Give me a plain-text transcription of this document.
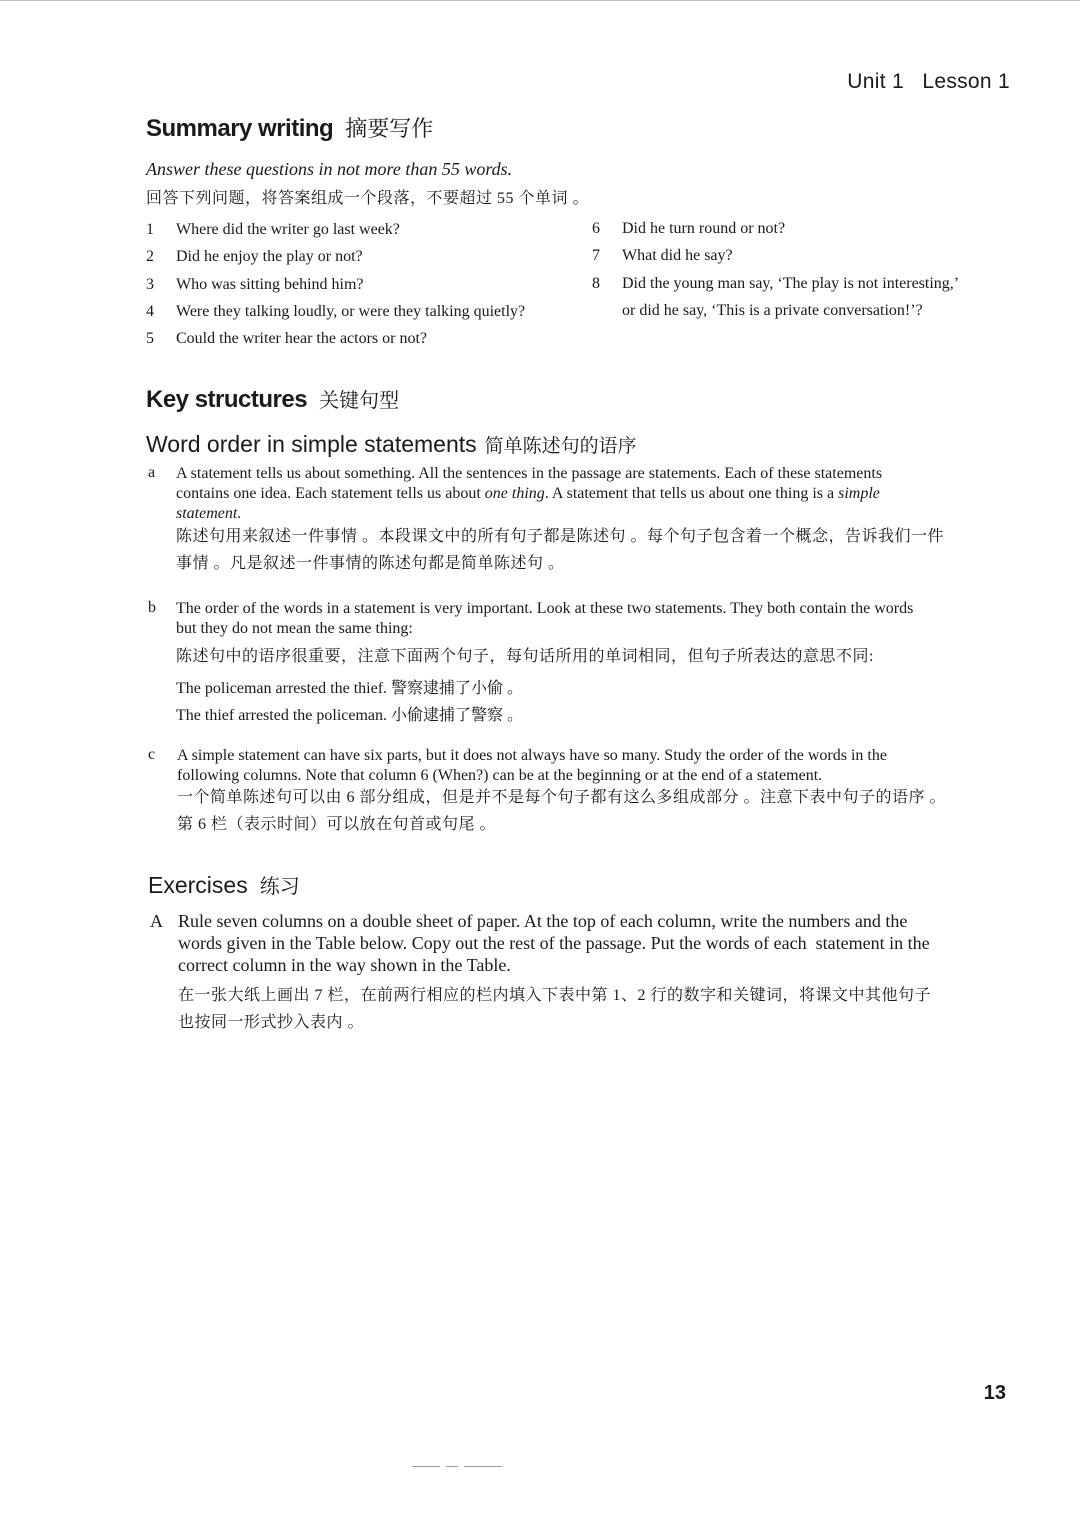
Unit 1   Lesson 1
Summary writing 摘要写作
Answer these questions in not more than 55 words.
回答下列问题，将答案组成一个段落，不要超过 55 个单词 。
1 Where did the writer go last week?
2 Did he enjoy the play or not?
3 Who was sitting behind him?
4 Were they talking loudly, or were they talking quietly?
5 Could the writer hear the actors or not?
6 Did he turn round or not?
7 What did he say?
8 Did the young man say, ‘The play is not interesting,’
or did he say, ‘This is a private conversation!’?
Key structures 关键句型
Word order in simple statements 简单陈述句的语序
a A statement tells us about something. All the sentences in the passage are statements. Each of these statements
contains one idea. Each statement tells us about one thing. A statement that tells us about one thing is a simple
statement.
陈述句用来叙述一件事情 。本段课文中的所有句子都是陈述句 。每个句子包含着一个概念，告诉我们一件
事情 。凡是叙述一件事情的陈述句都是简单陈述句 。
b The order of the words in a statement is very important. Look at these two statements. They both contain the words
but they do not mean the same thing:
陈述句中的语序很重要，注意下面两个句子，每句话所用的单词相同，但句子所表达的意思不同:
The policeman arrested the thief. 警察逮捕了小偷 。
The thief arrested the policeman. 小偷逮捕了警察 。
c A simple statement can have six parts, but it does not always have so many. Study the order of the words in the
following columns. Note that column 6 (When?) can be at the beginning or at the end of a statement.
一个简单陈述句可以由 6 部分组成，但是并不是每个句子都有这么多组成部分 。注意下表中句子的语序 。
第 6 栏（表示时间）可以放在句首或句尾 。
Exercises 练习
A Rule seven columns on a double sheet of paper. At the top of each column, write the numbers and the
words given in the Table below. Copy out the rest of the passage. Put the words of each  statement in the
correct column in the way shown in the Table.
在一张大纸上画出 7 栏，在前两行相应的栏内填入下表中第 1、2 行的数字和关键词，将课文中其他句子
也按同一形式抄入表内 。
13
